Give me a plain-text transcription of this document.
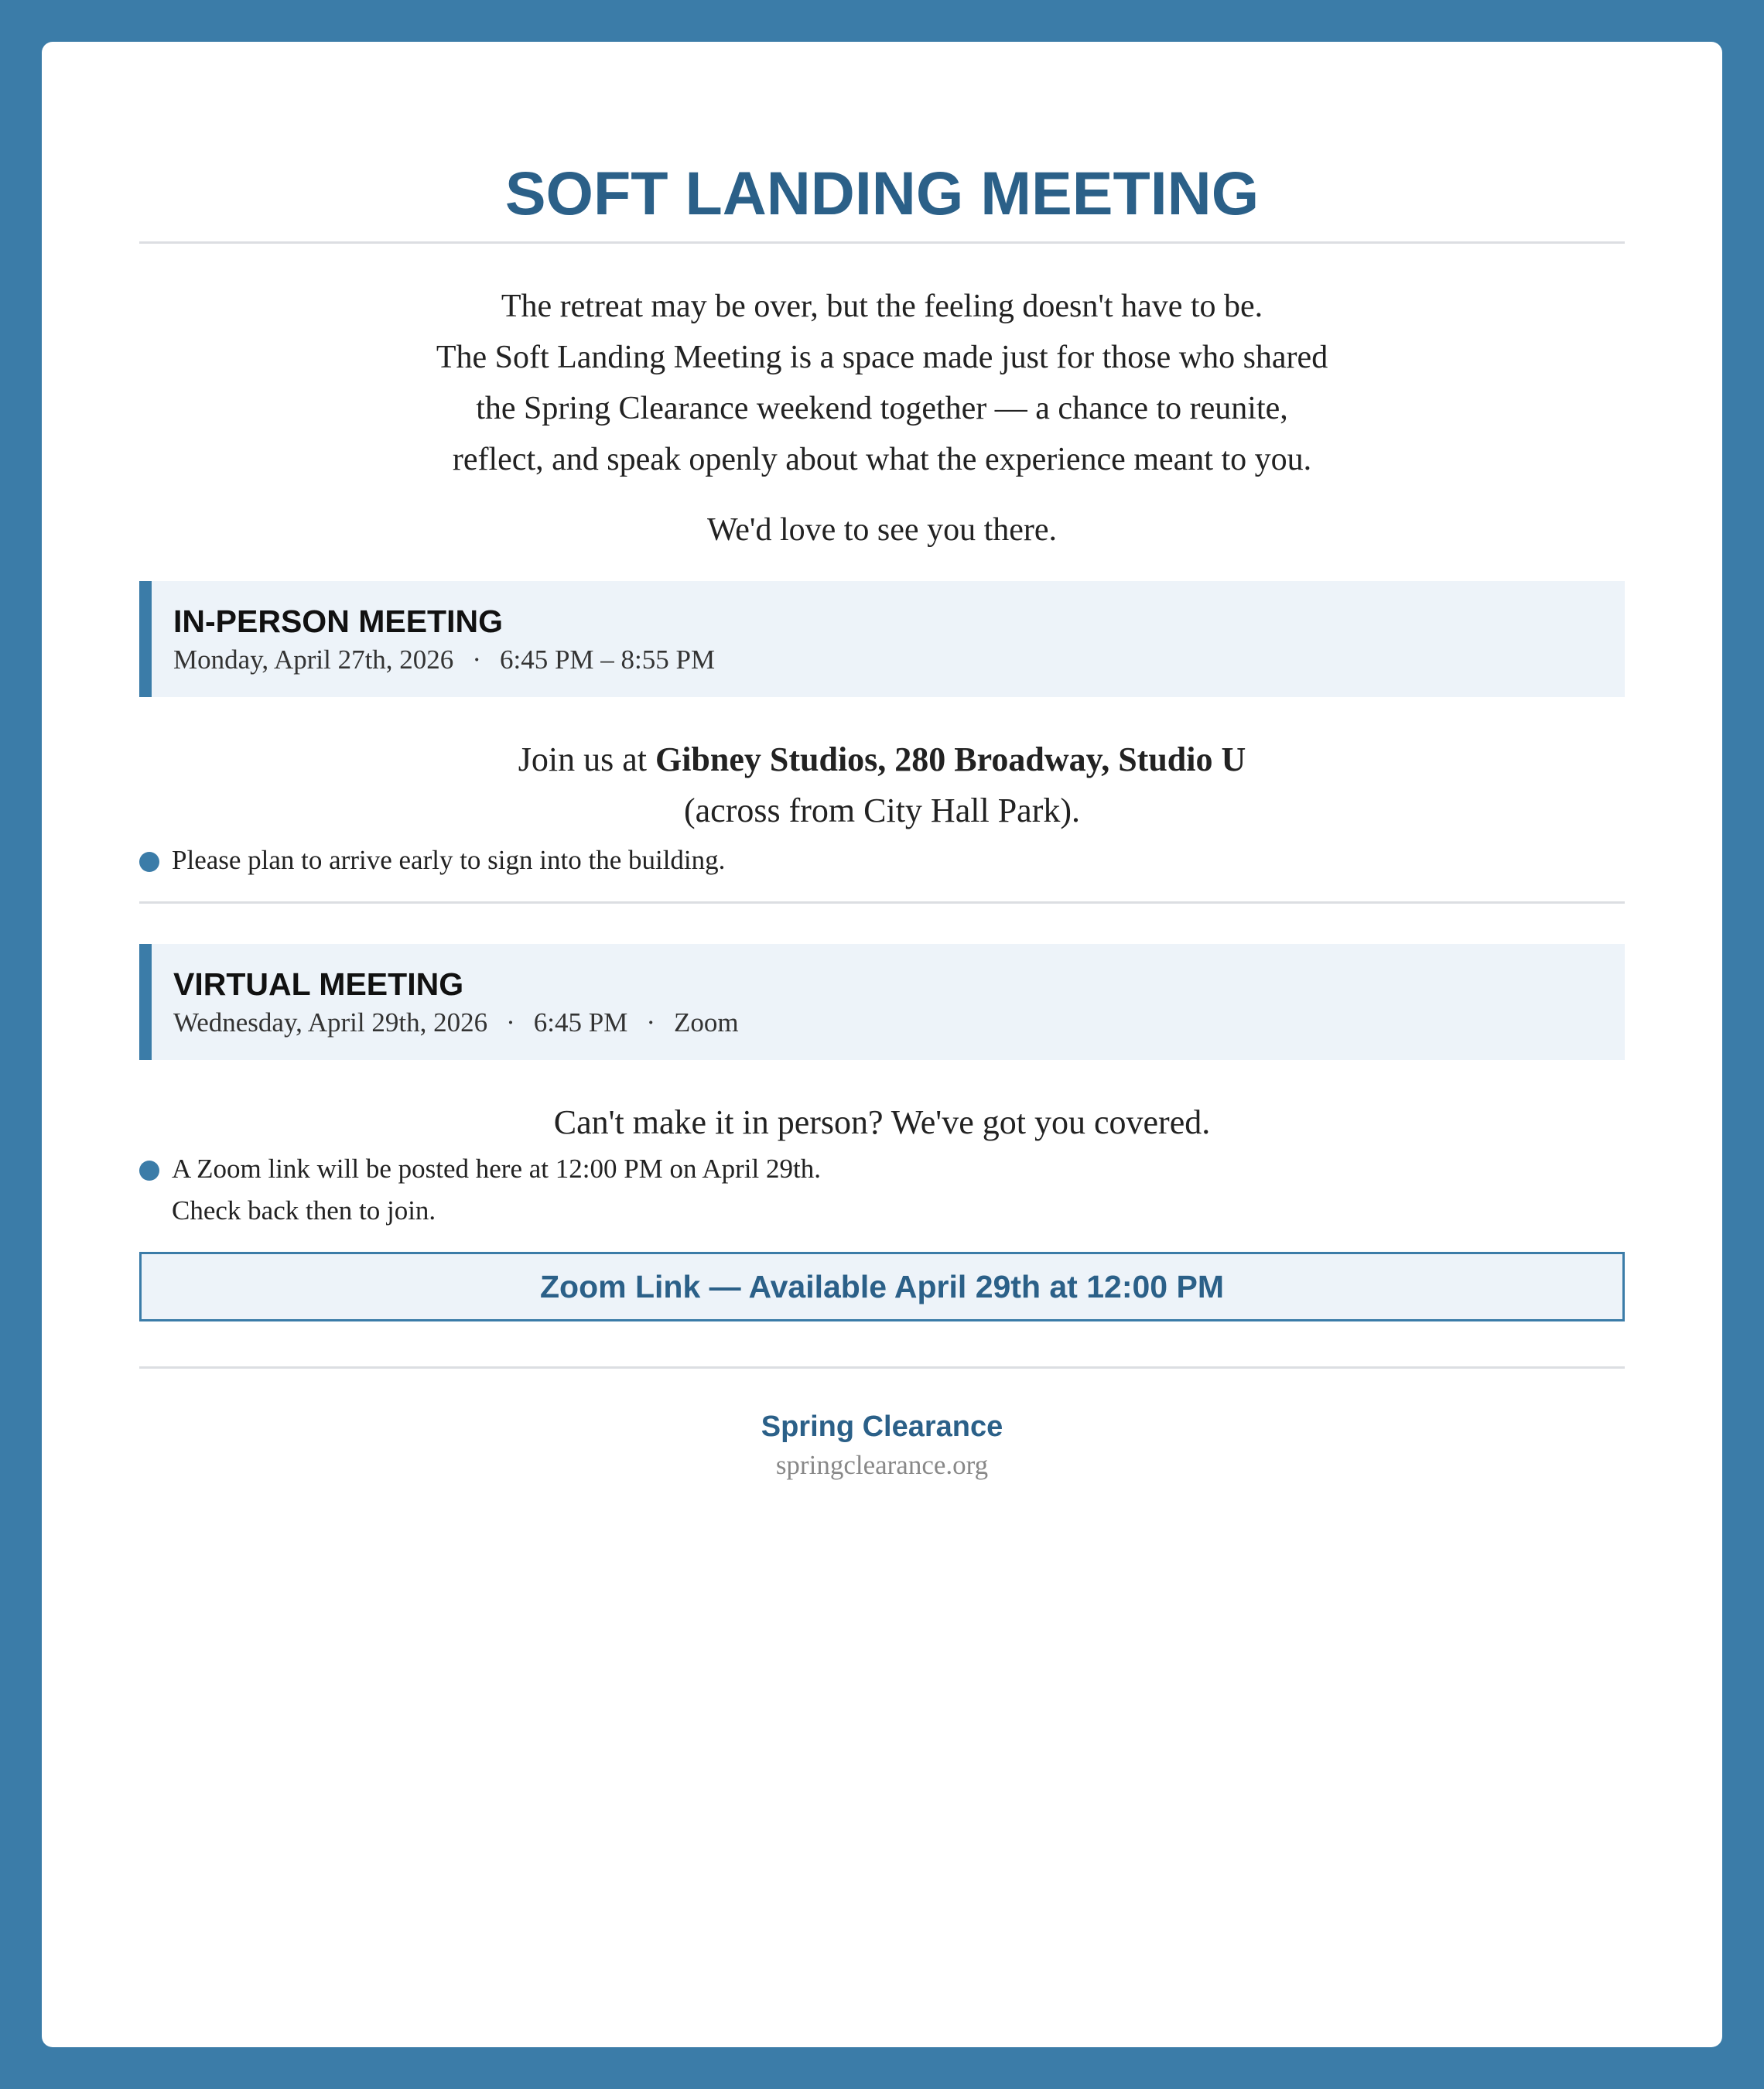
SOFT LANDING MEETING
The retreat may be over, but the feeling doesn't have to be.
The Soft Landing Meeting is a space made just for those who shared
the Spring Clearance weekend together — a chance to reunite,
reflect, and speak openly about what the experience meant to you.
We'd love to see you there.
IN-PERSON MEETING
Monday, April 27th, 2026 · 6:45 PM – 8:55 PM
Join us at Gibney Studios, 280 Broadway, Studio U
(across from City Hall Park).
Please plan to arrive early to sign into the building.
VIRTUAL MEETING
Wednesday, April 29th, 2026 · 6:45 PM · Zoom
Can't make it in person? We've got you covered.
A Zoom link will be posted here at 12:00 PM on April 29th.
Check back then to join.
Zoom Link — Available April 29th at 12:00 PM
Spring Clearance
springclearance.org
